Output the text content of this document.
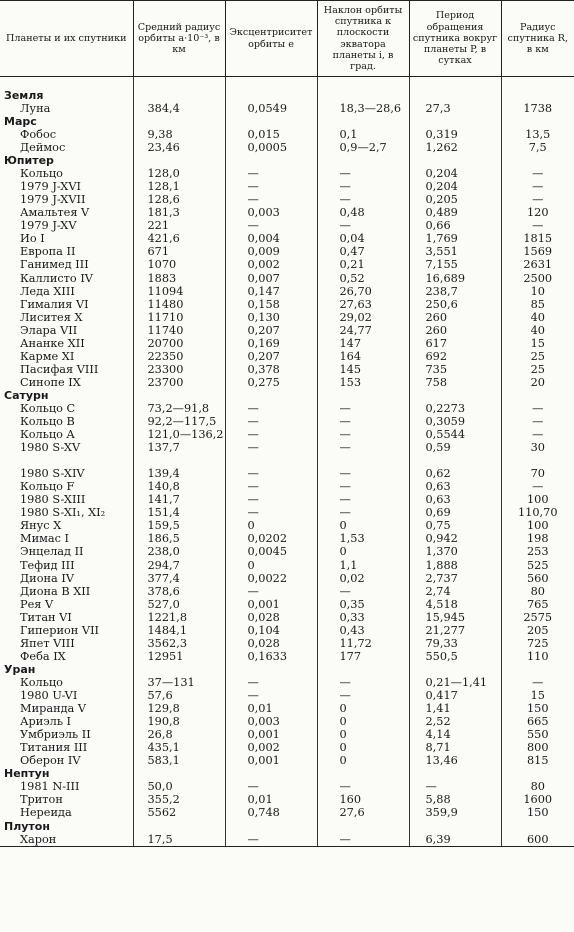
Планеты и их спутники	Средний радиус орбиты a·10⁻³, в км	Эксцентриситет орбиты e	Наклон орбиты спутника к плоскости экватора планеты i, в град.	Период обращения спутника вокруг планеты P, в сутках	Радиус спутника R, в км

Земля					
Луна	384,4	0,0549	18,3—28,6	27,3	1738
Марс					
Фобос	9,38	0,015	0,1	0,319	13,5
Деймос	23,46	0,0005	0,9—2,7	1,262	7,5
Юпитер					
Кольцо	128,0	—	—	0,204	—
1979 J-XVI	128,1	—	—	0,204	—
1979 J-XVII	128,6	—	—	0,205	—
Амальтея V	181,3	0,003	0,48	0,489	120
1979 J-XV	221	—	—	0,66	—
Ио I	421,6	0,004	0,04	1,769	1815
Европа II	671	0,009	0,47	3,551	1569
Ганимед III	1070	0,002	0,21	7,155	2631
Каллисто IV	1883	0,007	0,52	16,689	2500
Леда XIII	11094	0,147	26,70	238,7	10
Гималия VI	11480	0,158	27,63	250,6	85
Лиситея X	11710	0,130	29,02	260	40
Элара VII	11740	0,207	24,77	260	40
Ананке XII	20700	0,169	147	617	15
Карме XI	22350	0,207	164	692	25
Пасифая VIII	23300	0,378	145	735	25
Синопе IX	23700	0,275	153	758	20
Сатурн					
Кольцо C	73,2—91,8	—	—	0,2273	—
Кольцо B	92,2—117,5	—	—	0,3059	—
Кольцо A	121,0—136,2	—	—	0,5544	—
1980 S-XV	137,7	—	—	0,59	30

1980 S-XIV	139,4	—	—	0,62	70
Кольцо F	140,8	—	—	0,63	—
1980 S-XIII	141,7	—	—	0,63	100
1980 S-XI₁, XI₂	151,4	—	—	0,69	110,70
Янус X	159,5	0	0	0,75	100
Мимас I	186,5	0,0202	1,53	0,942	198
Энцелад II	238,0	0,0045	0	1,370	253
Тефид III	294,7	0	1,1	1,888	525
Диона IV	377,4	0,0022	0,02	2,737	560
Диона B XII	378,6	—	—	2,74	80
Рея V	527,0	0,001	0,35	4,518	765
Титан VI	1221,8	0,028	0,33	15,945	2575
Гиперион VII	1484,1	0,104	0,43	21,277	205
Япет VIII	3562,3	0,028	11,72	79,33	725
Феба IX	12951	0,1633	177	550,5	110
Уран					
Кольцо	37—131	—	—	0,21—1,41	—
1980 U-VI	57,6	—	—	0,417	15
Миранда V	129,8	0,01	0	1,41	150
Ариэль I	190,8	0,003	0	2,52	665
Умбриэль II	26,8	0,001	0	4,14	550
Титания III	435,1	0,002	0	8,71	800
Оберон IV	583,1	0,001	0	13,46	815
Нептун					
1981 N-III	50,0	—	—	—	80
Тритон	355,2	0,01	160	5,88	1600
Нереида	5562	0,748	27,6	359,9	150
Плутон					
Харон	17,5	—	—	6,39	600
